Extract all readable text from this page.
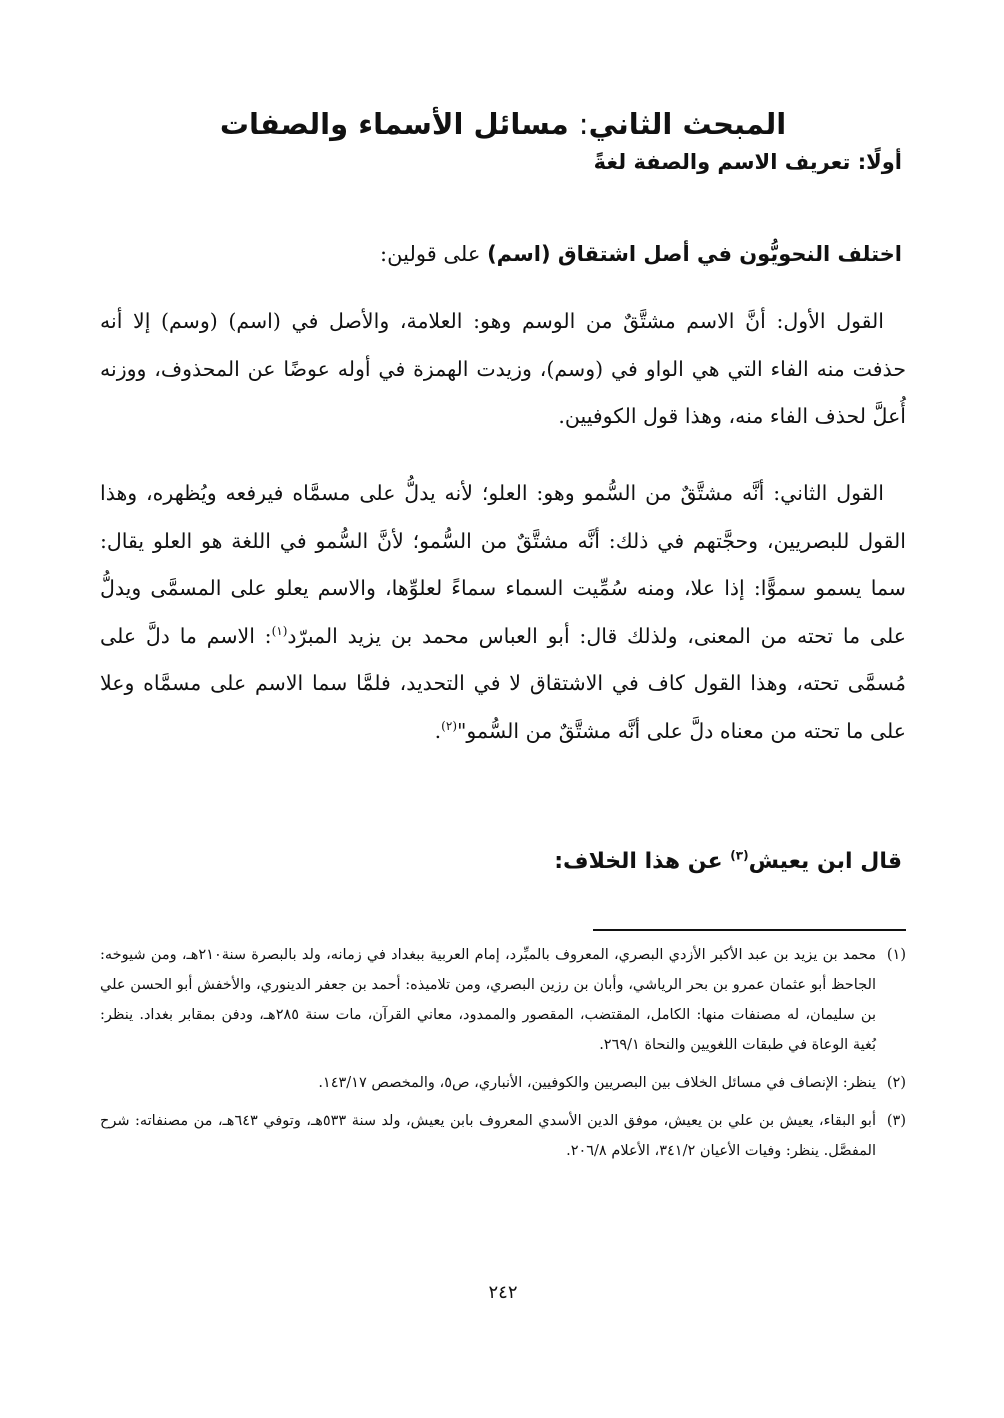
المبحث الثاني: مسائل الأسماء والصفات
أولًا: تعريف الاسم والصفة لغةً
اختلف النحويُّون في أصل اشتقاق (اسم) على قولين:

القول الأول: أنَّ الاسم مشتَّقٌ من الوسم وهو: العلامة، والأصل في (اسم) (وسم) إلا أنه حذفت منه الفاء التي هي الواو في (وسم)، وزيدت الهمزة في أوله عوضًا عن المحذوف، ووزنه أُعلَّ لحذف الفاء منه، وهذا قول الكوفيين.

القول الثاني: أنَّه مشتَّقٌ من السُّمو وهو: العلو؛ لأنه يدلُّ على مسمَّاه فيرفعه ويُظهره، وهذا القول للبصريين، وحجَّتهم في ذلك: أنَّه مشتَّقٌ من السُّمو؛ لأنَّ السُّمو في اللغة هو العلو يقال: سما يسمو سموًّا: إذا علا، ومنه سُمِّيت السماء سماءً لعلوِّها، والاسم يعلو على المسمَّى ويدلُّ على ما تحته من المعنى، ولذلك قال: أبو العباس محمد بن يزيد المبرّد$^{(١)}$: الاسم ما دلَّ على مُسمَّى تحته، وهذا القول كاف في الاشتقاق لا في التحديد، فلمَّا سما الاسم على مسمَّاه وعلا على ما تحته من معناه دلَّ على أنَّه مشتَّقٌ من السُّمو"$^{(٢)}$.

قال ابن يعيش$^{(٣)}$ عن هذا الخلاف:

(١)محمد بن يزيد بن عبد الأكبر الأزدي البصري، المعروف بالمبِّرد، إمام العربية ببغداد في زمانه، ولد بالبصرة سنة٢١٠هـ، ومن شيوخه: الجاحظ أبو عثمان عمرو بن بحر الرياشي، وأبان بن رزين البصري، ومن تلاميذه: أحمد بن جعفر الدينوري، والأخفش أبو الحسن علي بن سليمان، له مصنفات منها: الكامل، المقتضب، المقصور والممدود، معاني القرآن، مات سنة ٢٨٥هـ، ودفن بمقابر بغداد. ينظر: بُغية الوعاة في طبقات اللغويين والنحاة ٢٦٩/١.

(٢)ينظر: الإنصاف في مسائل الخلاف بين البصريين والكوفيين، الأنباري، ص٥، والمخصص ١٤٣/١٧.

(٣)أبو البقاء، يعيش بن علي بن يعيش، موفق الدين الأسدي المعروف بابن يعيش، ولد سنة ٥٣٣هـ، وتوفي ٦٤٣هـ، من مصنفاته: شرح المفصَّل. ينظر: وفيات الأعيان ٣٤١/٢، الأعلام ٢٠٦/٨.

٢٤٢
